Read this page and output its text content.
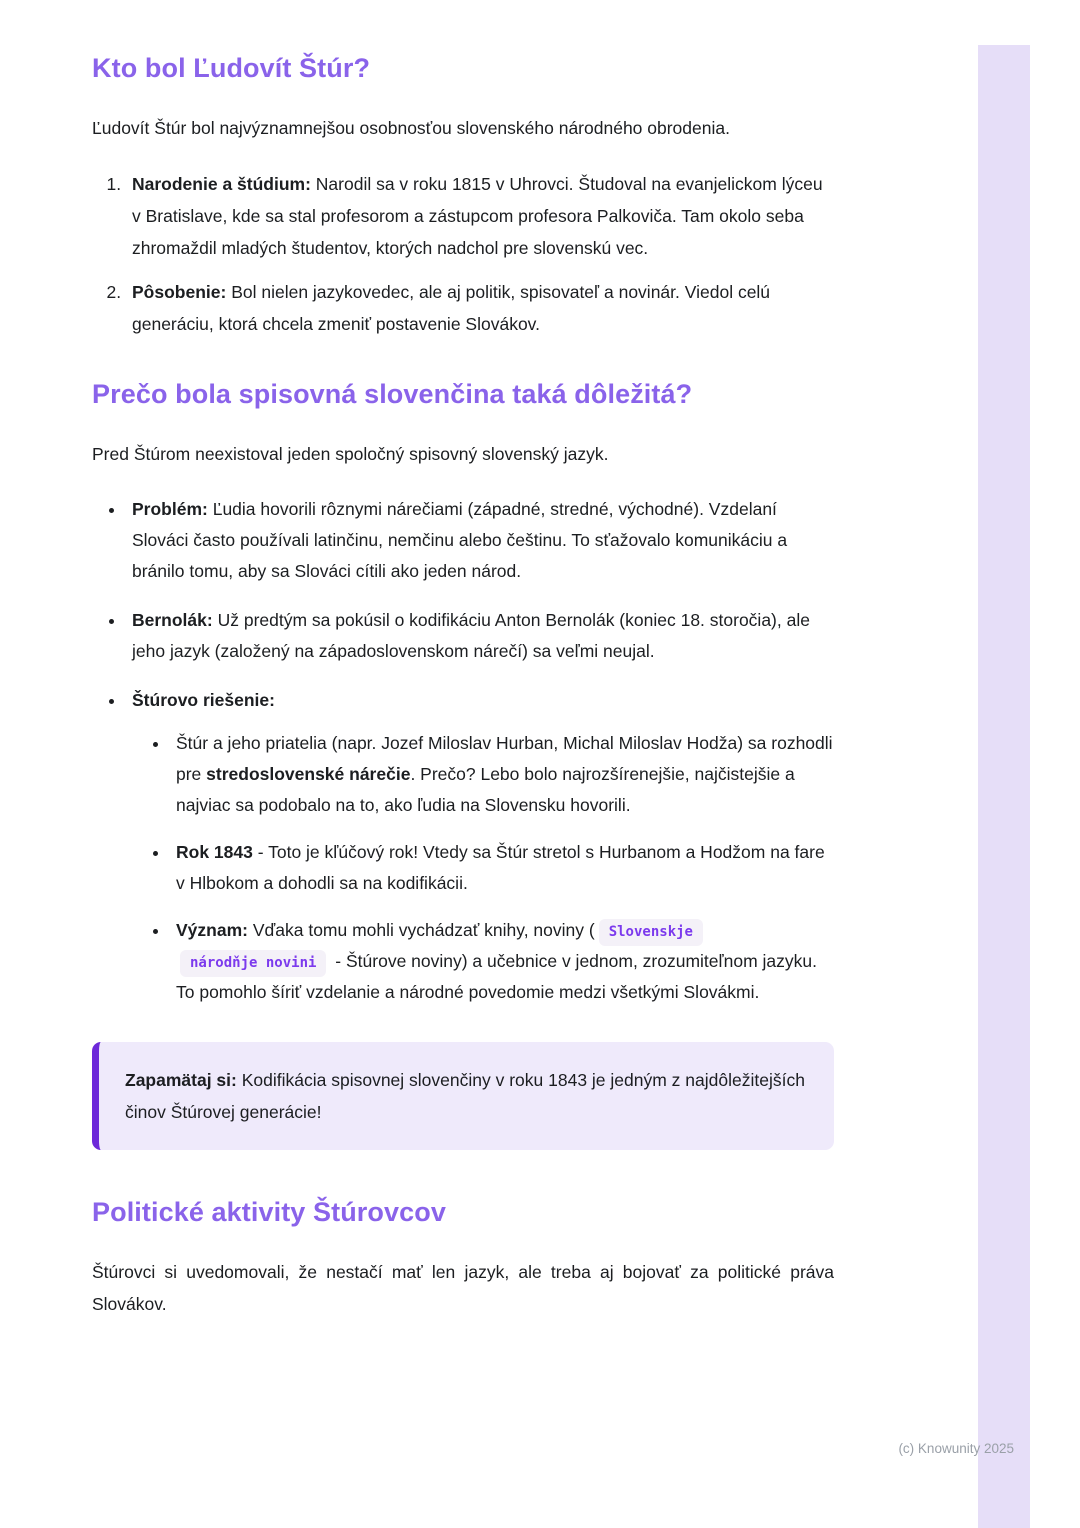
Kto bol Ľudovít Štúr?

Ľudovít Štúr bol najvýznamnejšou osobnosťou slovenského národného obrodenia.

1. Narodenie a štúdium: Narodil sa v roku 1815 v Uhrovci. Študoval na evanjelickom lýceu v Bratislave, kde sa stal profesorom a zástupcom profesora Palkoviča. Tam okolo seba zhromaždil mladých študentov, ktorých nadchol pre slovenskú vec.
2. Pôsobenie: Bol nielen jazykovedec, ale aj politik, spisovateľ a novinár. Viedol celú generáciu, ktorá chcela zmeniť postavenie Slovákov.
Prečo bola spisovná slovenčina taká dôležitá?

Pred Štúrom neexistoval jeden spoločný spisovný slovenský jazyk.

• Problém: Ľudia hovorili rôznymi nárečiami (západné, stredné, východné). Vzdelaní Slováci často používali latinčinu, nemčinu alebo češtinu. To sťažovalo komunikáciu a bránilo tomu, aby sa Slováci cítili ako jeden národ.
• Bernolák: Už predtým sa pokúsil o kodifikáciu Anton Bernolák (koniec 18. storočia), ale jeho jazyk (založený na západoslovenskom nárečí) sa veľmi neujal.
• Štúrovo riešenie:
• Štúr a jeho priatelia (napr. Jozef Miloslav Hurban, Michal Miloslav Hodža) sa rozhodli pre stredoslovenské nárečie. Prečo? Lebo bolo najrozšírenejšie, najčistejšie a najviac sa podobalo na to, ako ľudia na Slovensku hovorili.
• Rok 1843 - Toto je kľúčový rok! Vtedy sa Štúr stretol s Hurbanom a Hodžom na fare v Hlbokom a dohodli sa na kodifikácii.
• Význam: Vďaka tomu mohli vychádzať knihy, noviny ( Slovenskjenárodňje novini - Štúrove noviny) a učebnice v jednom, zrozumiteľnom jazyku. To pomohlo šíriť vzdelanie a národné povedomie medzi všetkými Slovákmi.
Zapamätaj si: Kodifikácia spisovnej slovenčiny v roku 1843 je jedným z najdôležitejších činov Štúrovej generácie!
Politické aktivity Štúrovcov

Štúrovci si uvedomovali, že nestačí mať len jazyk, ale treba aj bojovať za politické práva Slovákov.

(c) Knowunity 2025
